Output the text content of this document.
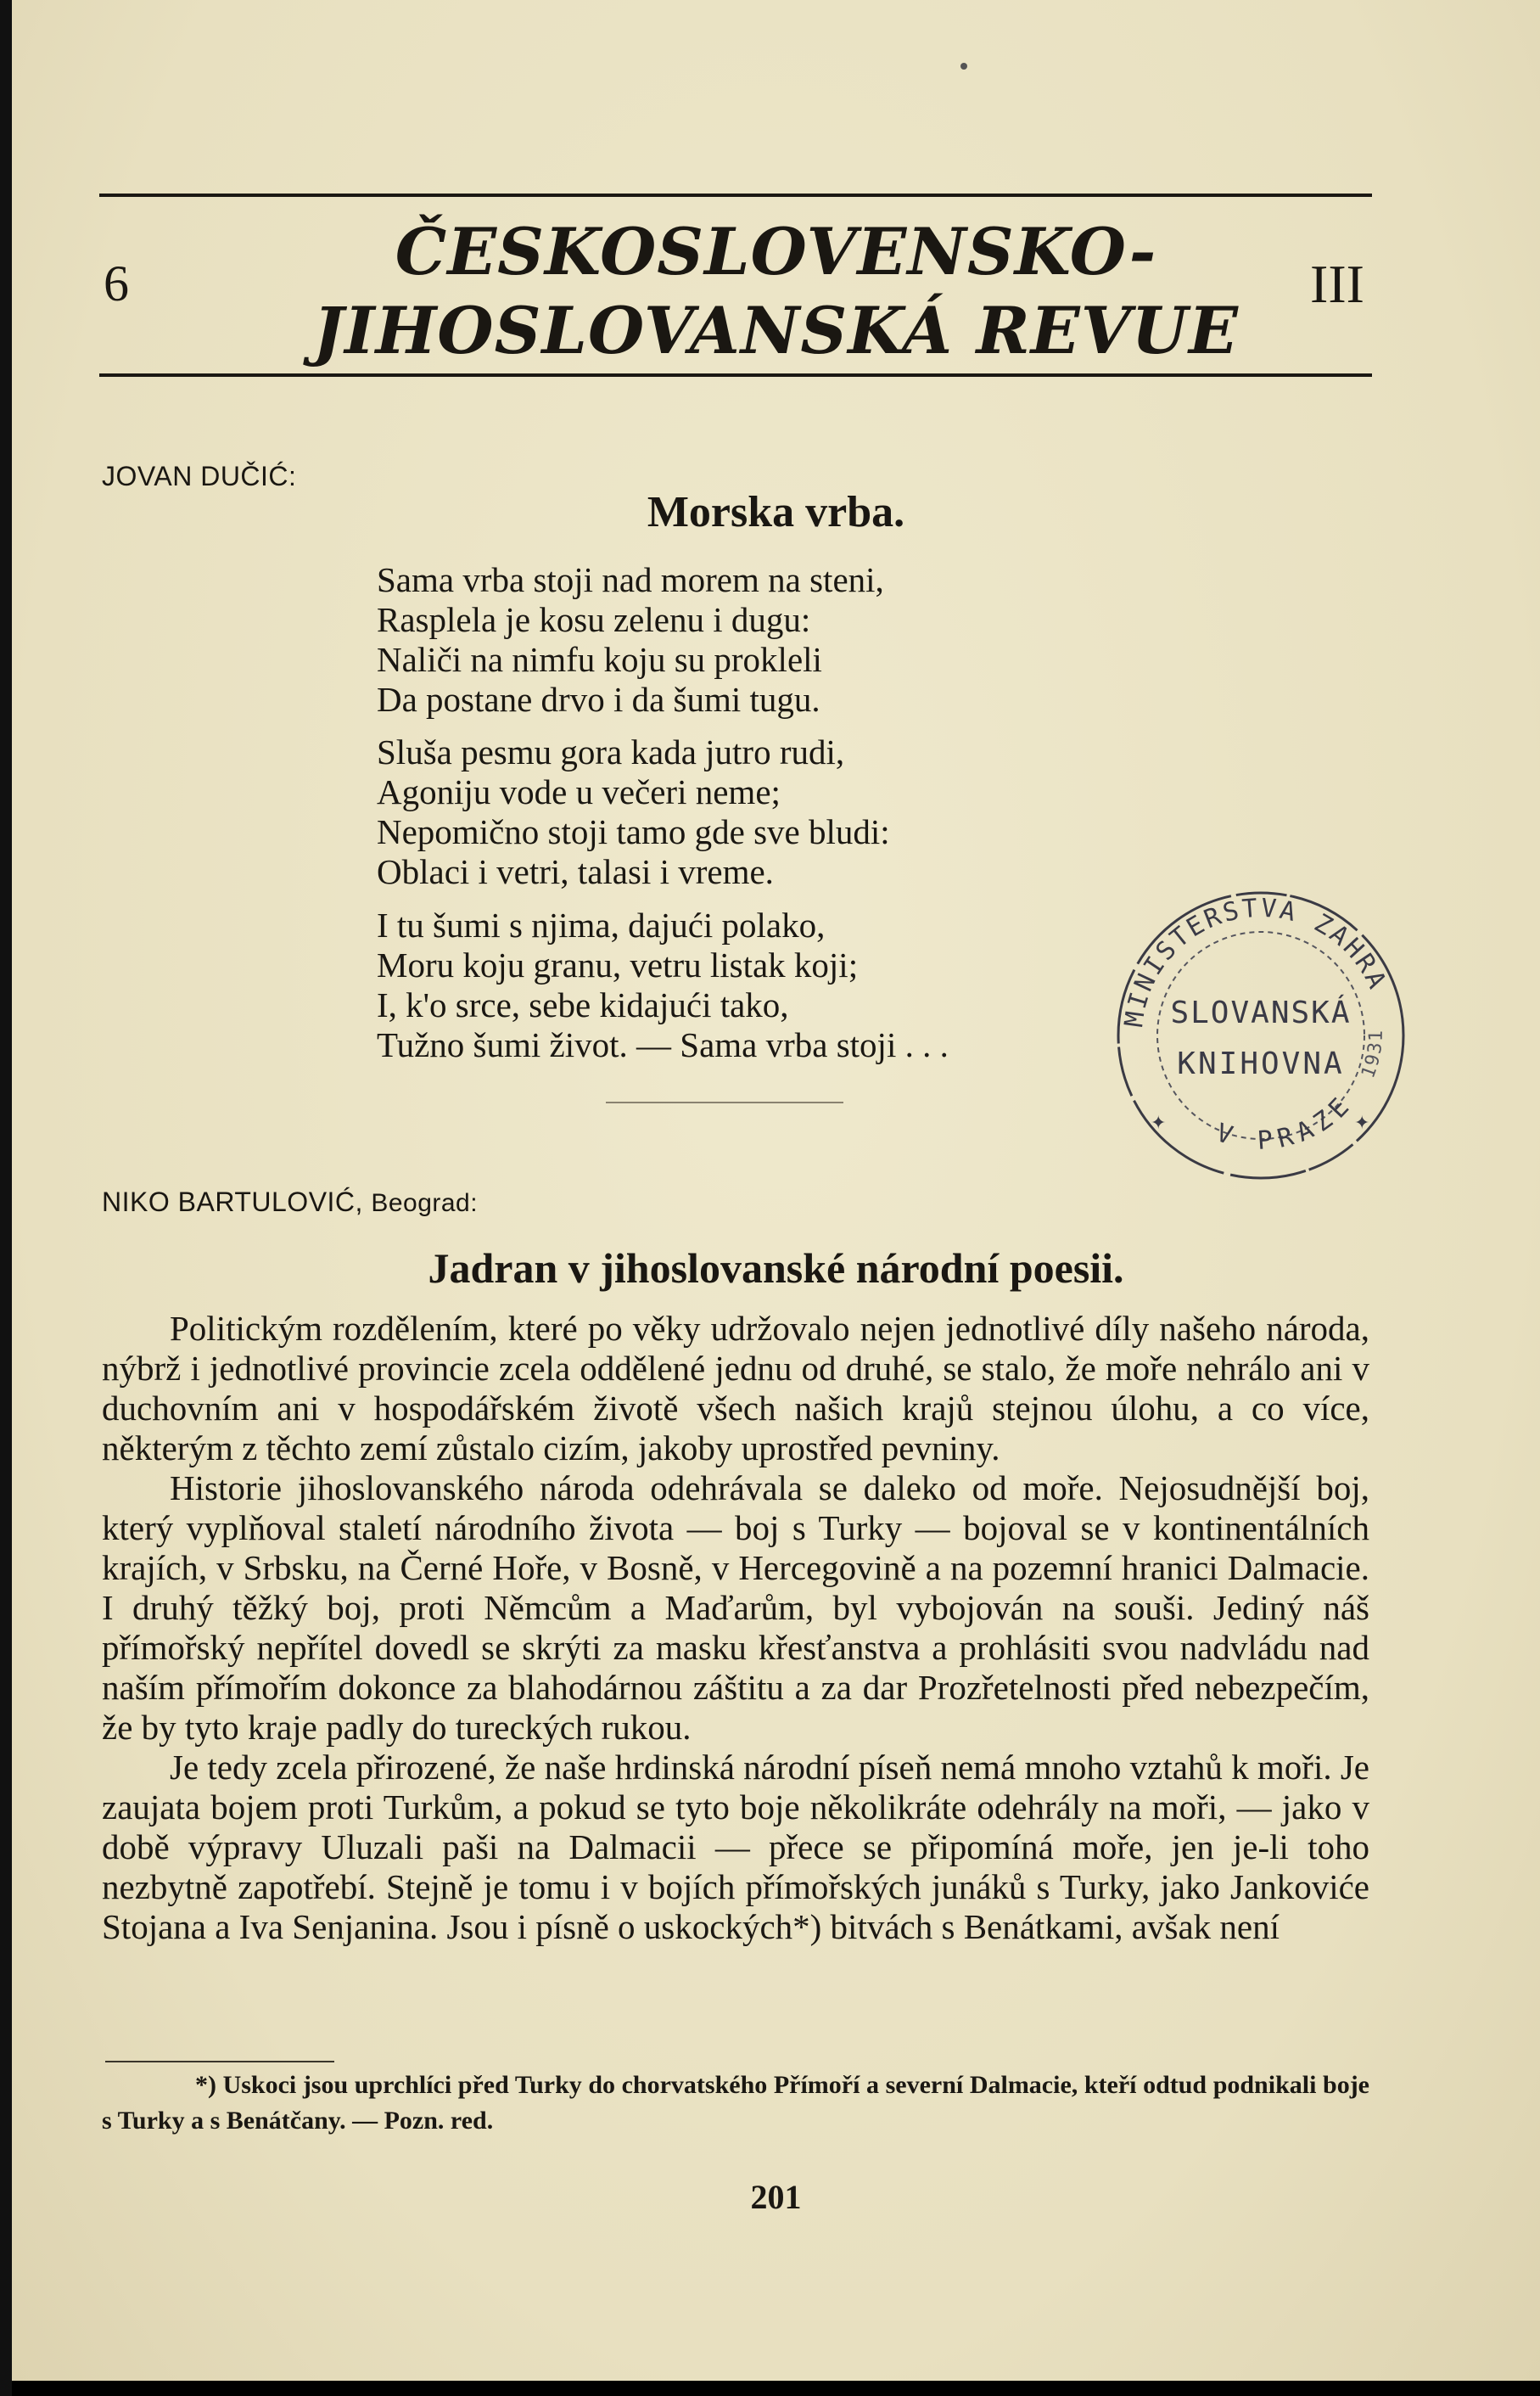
6	ČESKOSLOVENSKO-
JIHOSLOVANSKÁ REVUE
III
JOVAN DUČIĆ:
Morska vrba.
Sama vrba stoji nad morem na steni,
Rasplela je kosu zelenu i dugu:
Naliči na nimfu koju su prokleli
Da postane drvo i da šumi tugu.
Sluša pesmu gora kada jutro rudi,
Agoniju vode u večeri neme;
Nepomično stoji tamo gde sve bludi:
Oblaci i vetri, talasi i vreme.
I tu šumi s njima, dajući polako,
Moru koju granu, vetru listak koji;
I, k'o srce, sebe kidajući tako,
Tužno šumi život. — Sama vrba stoji . . .
MINISTERSTVA ZAHRA
V PRAZE
1931
SLOVANSKÁ
KNIHOVNA
✦	✦
NIKO BARTULOVIĆ, Beograd:
Jadran v jihoslovanské národní poesii.

Politickým rozdělením, které po věky udržovalo nejen jednotlivé díly našeho národa, nýbrž i jednotlivé provincie zcela oddělené jednu od druhé, se stalo, že moře nehrálo ani v duchovním ani v hospodářském životě všech našich krajů stejnou úlohu, a co více, některým z těchto zemí zůstalo cizím, jakoby uprostřed pevniny.

Historie jihoslovanského národa odehrávala se daleko od moře. Nejosudnější boj, který vyplňoval staletí národního života — boj s Turky — bojoval se v kontinentálních krajích, v Srbsku, na Černé Hoře, v Bosně, v Hercegovině a na pozemní hranici Dalmacie. I druhý těžký boj, proti Němcům a Maďarům, byl vybojován na souši. Jediný náš přímořský nepřítel dovedl se skrýti za masku křesťanstva a prohlásiti svou nadvládu nad naším přímořím dokonce za blahodárnou záštitu a za dar Prozřetelnosti před nebezpečím, že by tyto kraje padly do tureckých rukou.

Je tedy zcela přirozené, že naše hrdinská národní píseň nemá mnoho vztahů k moři. Je zaujata bojem proti Turkům, a pokud se tyto boje několikráte odehrály na moři, — jako v době výpravy Uluzali paši na Dalmacii — přece se připomíná moře, jen je-li toho nezbytně zapotřebí. Stejně je tomu i v bojích přímořských junáků s Turky, jako Jankoviće Stojana a Iva Senjanina. Jsou i písně o uskockých*) bitvách s Benátkami, avšak není

*) Uskoci jsou uprchlíci před Turky do chorvatského Přímoří a severní Dalmacie, kteří odtud podnikali boje s Turky a s Benátčany. — Pozn. red.
201
